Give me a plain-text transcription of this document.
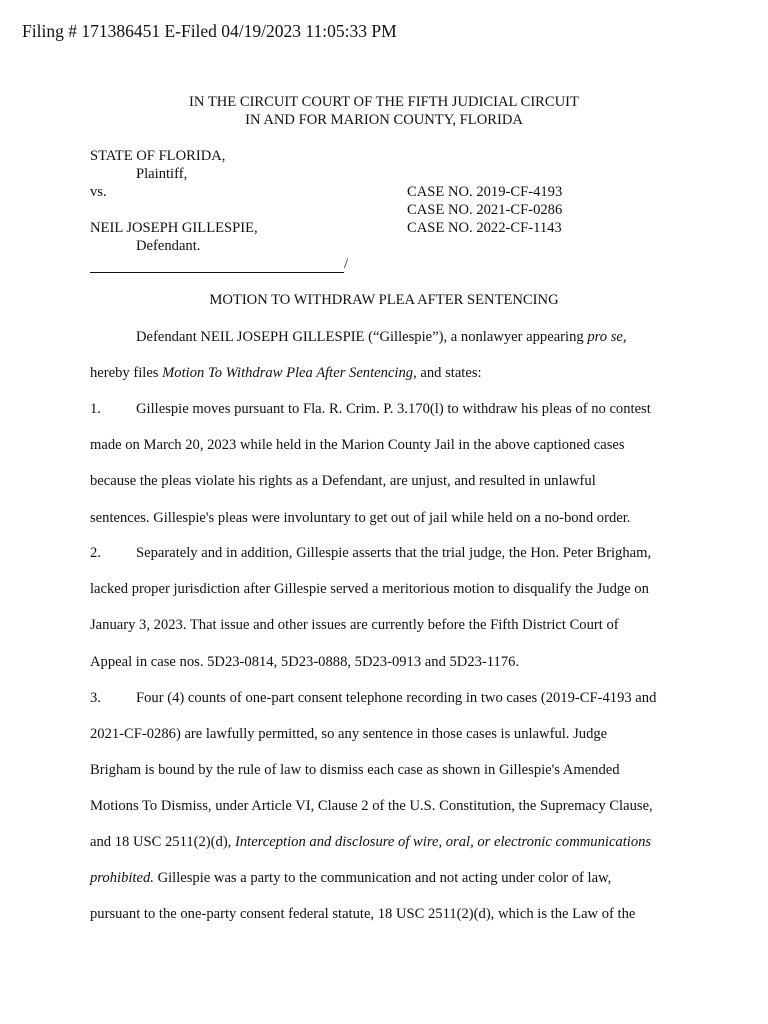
Filing # 171386451 E-Filed 04/19/2023 11:05:33 PM
IN THE CIRCUIT COURT OF THE FIFTH JUDICIAL CIRCUIT
IN AND FOR MARION COUNTY, FLORIDA
STATE OF FLORIDA,
Plaintiff,
vs.
NEIL JOSEPH GILLESPIE,
Defendant.
CASE NO. 2019-CF-4193
CASE NO. 2021-CF-0286
CASE NO. 2022-CF-1143
/
MOTION TO WITHDRAW PLEA AFTER SENTENCING
Defendant NEIL JOSEPH GILLESPIE (“Gillespie”), a nonlawyer appearing pro se,
hereby files Motion To Withdraw Plea After Sentencing, and states:
1. Gillespie moves pursuant to Fla. R. Crim. P. 3.170(l) to withdraw his pleas of no contest
made on March 20, 2023 while held in the Marion County Jail in the above captioned cases
because the pleas violate his rights as a Defendant, are unjust, and resulted in unlawful
sentences. Gillespie's pleas were involuntary to get out of jail while held on a no-bond order.
2. Separately and in addition, Gillespie asserts that the trial judge, the Hon. Peter Brigham,
lacked proper jurisdiction after Gillespie served a meritorious motion to disqualify the Judge on
January 3, 2023. That issue and other issues are currently before the Fifth District Court of
Appeal in case nos. 5D23-0814, 5D23-0888, 5D23-0913 and 5D23-1176.
3. Four (4) counts of one-part consent telephone recording in two cases (2019-CF-4193 and
2021-CF-0286) are lawfully permitted, so any sentence in those cases is unlawful. Judge
Brigham is bound by the rule of law to dismiss each case as shown in Gillespie's Amended
Motions To Dismiss, under Article VI, Clause 2 of the U.S. Constitution, the Supremacy Clause,
and 18 USC 2511(2)(d), Interception and disclosure of wire, oral, or electronic communications
prohibited. Gillespie was a party to the communication and not acting under color of law,
pursuant to the one-party consent federal statute, 18 USC 2511(2)(d), which is the Law of the
